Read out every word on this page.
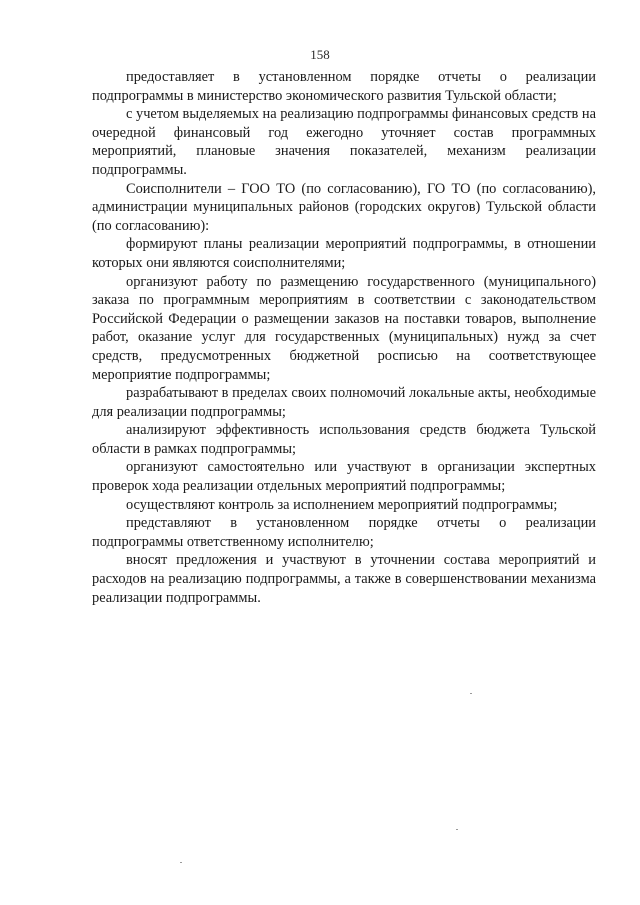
158

предоставляет в установленном порядке отчеты о реализации подпрограммы в министерство экономического развития Тульской области;

с учетом выделяемых на реализацию подпрограммы финансовых средств на очередной финансовый год ежегодно уточняет состав программных мероприятий, плановые значения показателей, механизм реализации подпрограммы.

Соисполнители – ГОО ТО (по согласованию), ГО ТО (по согласованию), администрации муниципальных районов (городских округов) Тульской области (по согласованию):

формируют планы реализации мероприятий подпрограммы, в отношении которых они являются соисполнителями;

организуют работу по размещению государственного (муниципального) заказа по программным мероприятиям в соответствии с законодательством Российской Федерации о размещении заказов на поставки товаров, выполнение работ, оказание услуг для государственных (муниципальных) нужд за счет средств, предусмотренных бюджетной росписью на соответствующее мероприятие подпрограммы;

разрабатывают в пределах своих полномочий локальные акты, необходимые для реализации подпрограммы;

анализируют эффективность использования средств бюджета Тульской области в рамках подпрограммы;

организуют самостоятельно или участвуют в организации экспертных проверок хода реализации отдельных мероприятий подпрограммы;

осуществляют контроль за исполнением мероприятий подпрограммы;

представляют в установленном порядке отчеты о реализации подпрограммы ответственному исполнителю;

вносят предложения и участвуют в уточнении состава мероприятий и расходов на реализацию подпрограммы, а также в совершенствовании механизма реализации подпрограммы.
